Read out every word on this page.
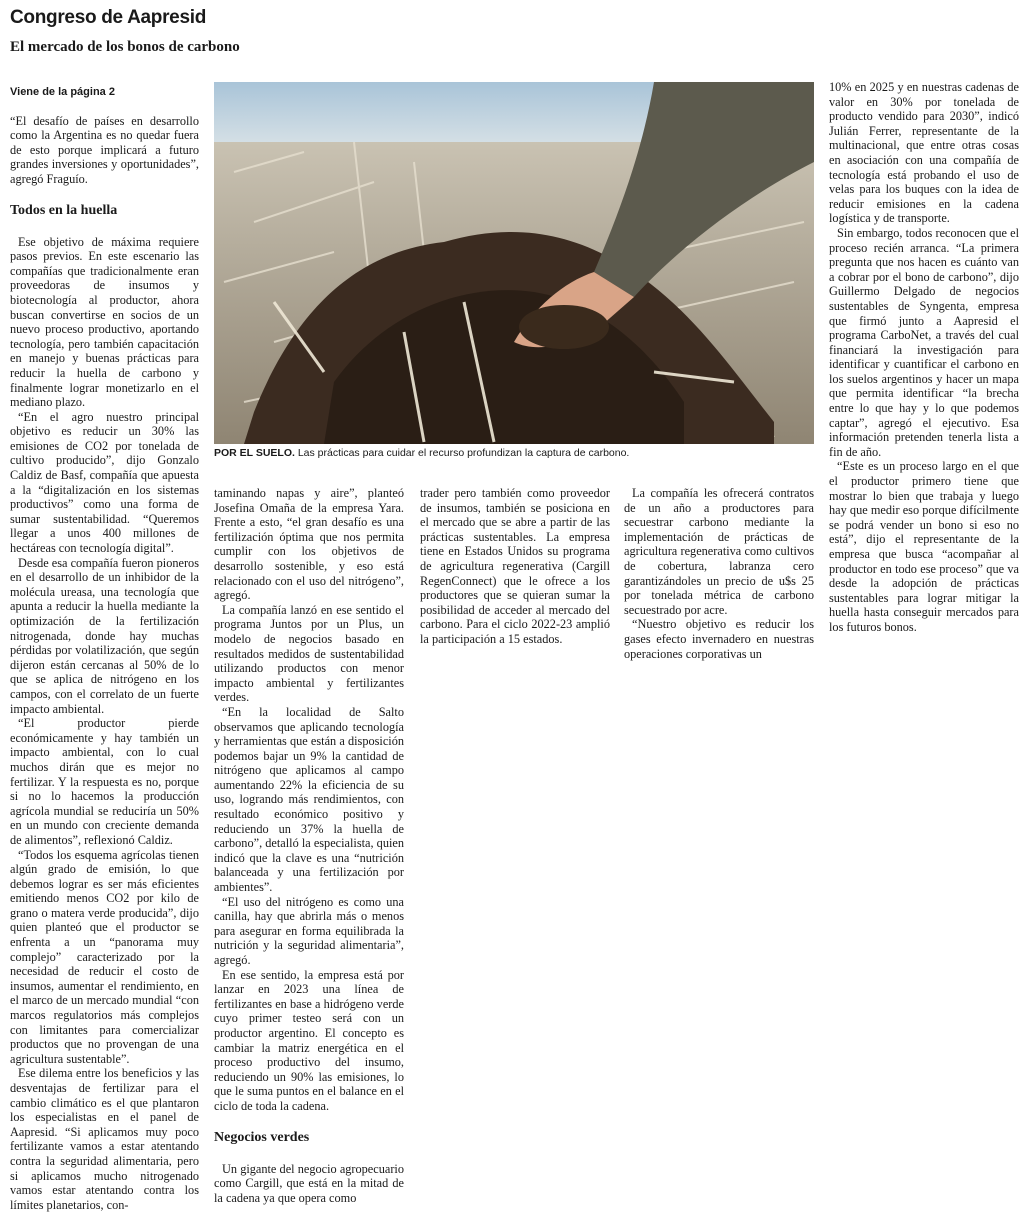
Congreso de Aapresid
El mercado de los bonos de carbono

Viene de la página 2

“El desafío de países en desarrollo como la Argentina es no quedar fuera de esto porque implicará a futuro grandes inversiones y oportunidades”, agregó Fraguío.

Todos en la huella

Ese objetivo de máxima requiere pasos previos. En este escenario las compañías que tradicionalmente eran proveedoras de insumos y biotecnología al productor, ahora buscan convertirse en socios de un nuevo proceso productivo, aportando tecnología, pero también capacitación en manejo y buenas prácticas para reducir la huella de carbono y finalmente lograr monetizarlo en el mediano plazo.

“En el agro nuestro principal objetivo es reducir un 30% las emisiones de CO2 por tonelada de cultivo producido”, dijo Gonzalo Caldiz de Basf, compañía que apuesta a la “digitalización en los sistemas productivos” como una forma de sumar sustentabilidad. “Queremos llegar a unos 400 millones de hectáreas con tecnología digital”.

Desde esa compañía fueron pioneros en el desarrollo de un inhibidor de la molécula ureasa, una tecnología que apunta a reducir la huella mediante la optimización de la fertilización nitrogenada, donde hay muchas pérdidas por volatilización, que según dijeron están cercanas al 50% de lo que se aplica de nitrógeno en los campos, con el correlato de un fuerte impacto ambiental.

“El productor pierde económicamente y hay también un impacto ambiental, con lo cual muchos dirán que es mejor no fertilizar. Y la respuesta es no, porque si no lo hacemos la producción agrícola mundial se reduciría un 50% en un mundo con creciente demanda de alimentos”, reflexionó Caldiz.

“Todos los esquema agrícolas tienen algún grado de emisión, lo que debemos lograr es ser más eficientes emitiendo menos CO2 por kilo de grano o matera verde producida”, dijo quien planteó que el productor se enfrenta a un “panorama muy complejo” caracterizado por la necesidad de reducir el costo de insumos, aumentar el rendimiento, en el marco de un mercado mundial “con marcos regulatorios más complejos con limitantes para comercializar productos que no provengan de una agricultura sustentable”.

Ese dilema entre los beneficios y las desventajas de fertilizar para el cambio climático es el que plantaron los especialistas en el panel de Aapresid. “Si aplicamos muy poco fertilizante vamos a estar atentando contra la seguridad alimentaria, pero si aplicamos mucho nitrogenado vamos estar atentando contra los límites planetarios, con-

POR EL SUELO. Las prácticas para cuidar el recurso profundizan la captura de carbono.

taminando napas y aire”, planteó Josefina Omaña de la empresa Yara. Frente a esto, “el gran desafío es una fertilización óptima que nos permita cumplir con los objetivos de desarrollo sostenible, y eso está relacionado con el uso del nitrógeno”, agregó.

La compañía lanzó en ese sentido el programa Juntos por un Plus, un modelo de negocios basado en resultados medidos de sustentabilidad utilizando productos con menor impacto ambiental y fertilizantes verdes.

“En la localidad de Salto observamos que aplicando tecnología y herramientas que están a disposición podemos bajar un 9% la cantidad de nitrógeno que aplicamos al campo aumentando 22% la eficiencia de su uso, logrando más rendimientos, con resultado económico positivo y reduciendo un 37% la huella de carbono”, detalló la especialista, quien indicó que la clave es una “nutrición balanceada y una fertilización por ambientes”.

“El uso del nitrógeno es como una canilla, hay que abrirla más o menos para asegurar en forma equilibrada la nutrición y la seguridad alimentaria”, agregó.

En ese sentido, la empresa está por lanzar en 2023 una línea de fertilizantes en base a hidrógeno verde cuyo primer testeo será con un productor argentino. El concepto es cambiar la matriz energética en el proceso productivo del insumo, reduciendo un 90% las emisiones, lo que le suma puntos en el balance en el ciclo de toda la cadena.

Negocios verdes

Un gigante del negocio agropecuario como Cargill, que está en la mitad de la cadena ya que opera como

trader pero también como proveedor de insumos, también se posiciona en el mercado que se abre a partir de las prácticas sustentables. La empresa tiene en Estados Unidos su programa de agricultura regenerativa (Cargill RegenConnect) que le ofrece a los productores que se quieran sumar la posibilidad de acceder al mercado del carbono. Para el ciclo 2022-23 amplió la participación a 15 estados.

La compañía les ofrecerá contratos de un año a productores para secuestrar carbono mediante la implementación de prácticas de agricultura regenerativa como cultivos de cobertura, labranza cero garantizándoles un precio de u$s 25 por tonelada métrica de carbono secuestrado por acre.

“Nuestro objetivo es reducir los gases efecto invernadero en nuestras operaciones corporativas un

10% en 2025 y en nuestras cadenas de valor en 30% por tonelada de producto vendido para 2030”, indicó Julián Ferrer, representante de la multinacional, que entre otras cosas en asociación con una compañía de tecnología está probando el uso de velas para los buques con la idea de reducir emisiones en la cadena logística y de transporte.

Sin embargo, todos reconocen que el proceso recién arranca. “La primera pregunta que nos hacen es cuánto van a cobrar por el bono de carbono”, dijo Guillermo Delgado de negocios sustentables de Syngenta, empresa que firmó junto a Aapresid el programa CarboNet, a través del cual financiará la investigación para identificar y cuantificar el carbono en los suelos argentinos y hacer un mapa que permita identificar “la brecha entre lo que hay y lo que podemos captar”, agregó el ejecutivo. Esa información pretenden tenerla lista a fin de año.

“Este es un proceso largo en el que el productor primero tiene que mostrar lo bien que trabaja y luego hay que medir eso porque difícilmente se podrá vender un bono si eso no está”, dijo el representante de la empresa que busca “acompañar al productor en todo ese proceso” que va desde la adopción de prácticas sustentables para lograr mitigar la huella hasta conseguir mercados para los futuros bonos.
